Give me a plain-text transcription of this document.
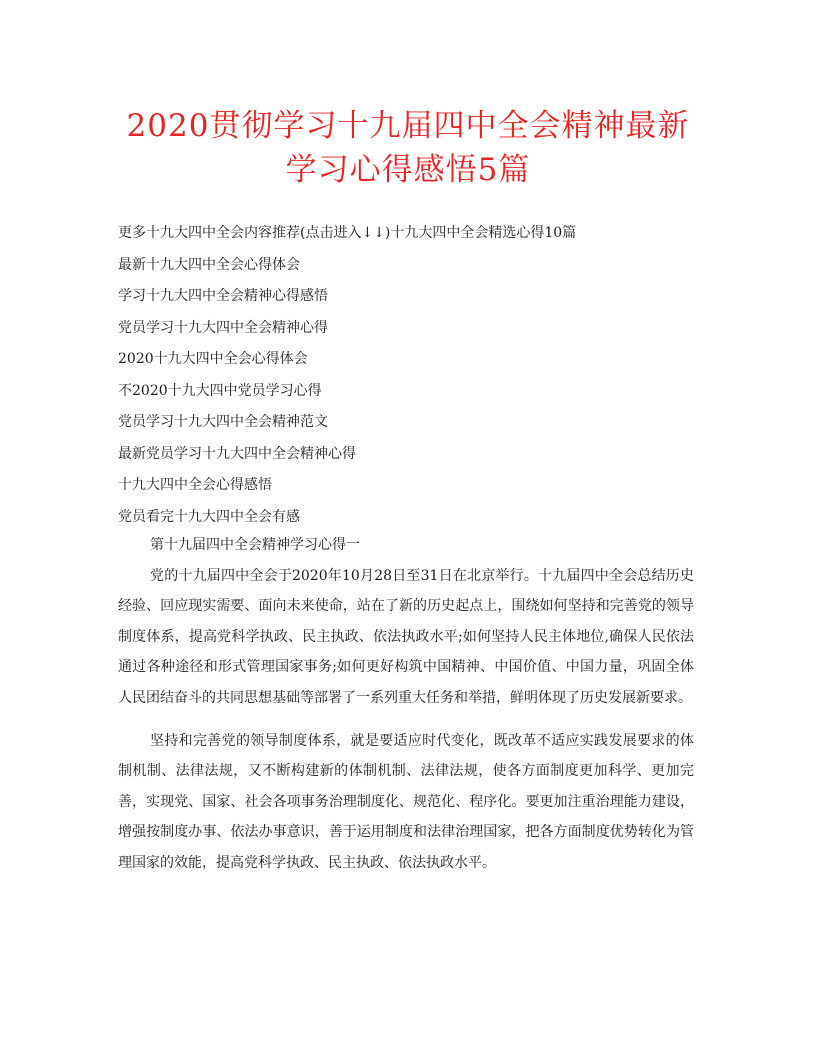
2020贯彻学习十九届四中全会精神最新
学习心得感悟5篇
更多十九大四中全会内容推荐(点击进入↓↓)十九大四中全会精选心得10篇
最新十九大四中全会心得体会
学习十九大四中全会精神心得感悟
党员学习十九大四中全会精神心得
2020十九大四中全会心得体会
不2020十九大四中党员学习心得
党员学习十九大四中全会精神范文
最新党员学习十九大四中全会精神心得
十九大四中全会心得感悟
党员看完十九大四中全会有感

第十九届四中全会精神学习心得一

党的十九届四中全会于2020年10月28日至31日在北京举行。十九届四中全会总结历史经验、回应现实需要、面向未来使命，站在了新的历史起点上，围绕如何坚持和完善党的领导制度体系，提高党科学执政、民主执政、依法执政水平;如何坚持人民主体地位,确保人民依法通过各种途径和形式管理国家事务;如何更好构筑中国精神、中国价值、中国力量，巩固全体人民团结奋斗的共同思想基础等部署了一系列重大任务和举措，鲜明体现了历史发展新要求。

坚持和完善党的领导制度体系，就是要适应时代变化，既改革不适应实践发展要求的体制机制、法律法规，又不断构建新的体制机制、法律法规，使各方面制度更加科学、更加完善，实现党、国家、社会各项事务治理制度化、规范化、程序化。要更加注重治理能力建设，增强按制度办事、依法办事意识，善于运用制度和法律治理国家，把各方面制度优势转化为管理国家的效能，提高党科学执政、民主执政、依法执政水平。
